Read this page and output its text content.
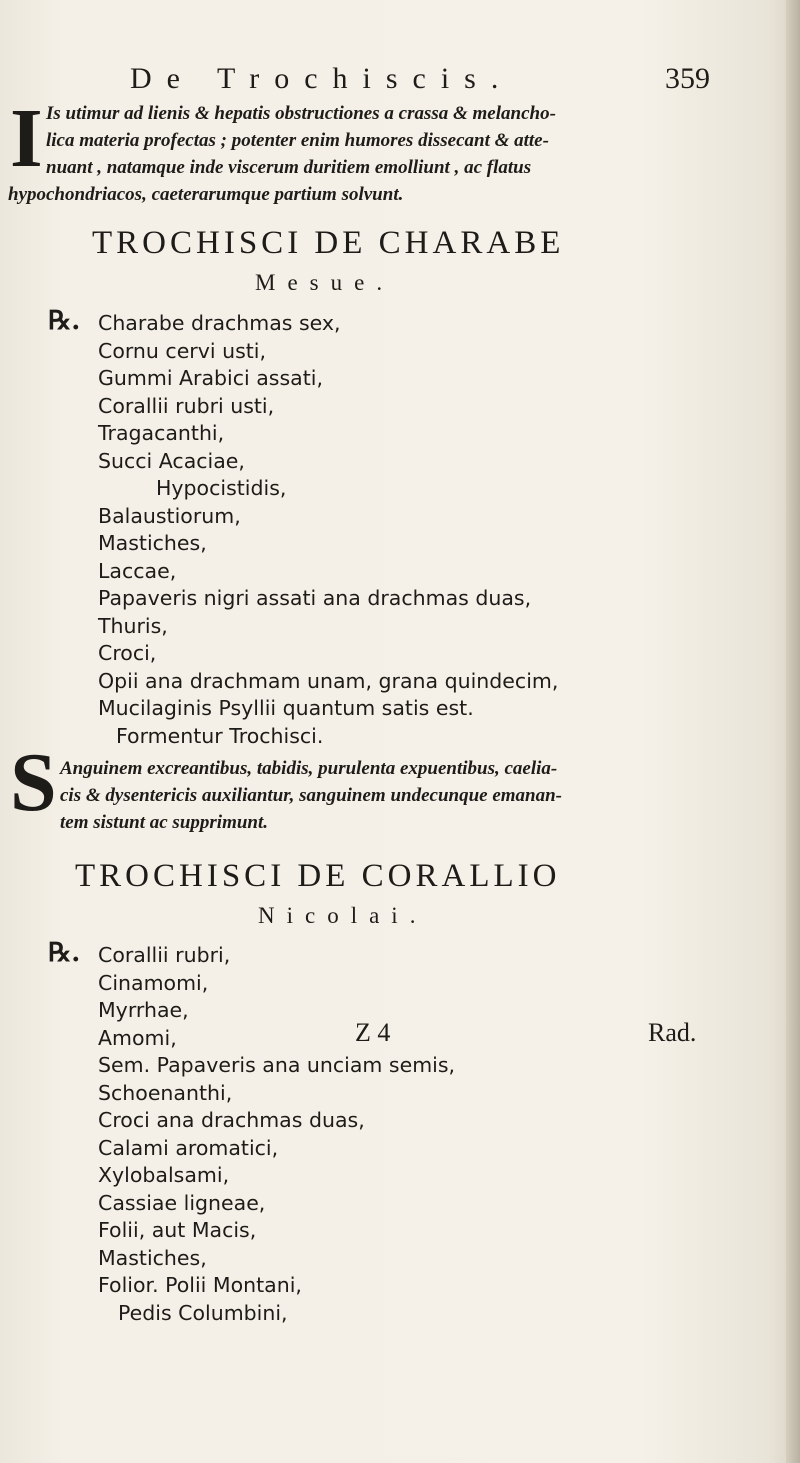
De Trochiscis.	359
I Is utimur ad lienis & hepatis obstructiones a crassa & melancho-
lica materia profectas ; potenter enim humores dissecant & atte-
nuant , natamque inde viscerum duritiem emolliunt , ac flatus
hypochondriacos, caeterarumque partium solvunt.
TROCHISCI DE CHARABE
Mesue.
℞. Charabe drachmas sex,
Cornu cervi usti,
Gummi Arabici assati,
Corallii rubri usti,
Tragacanthi,
Succi Acaciae,
Hypocistidis,
Balaustiorum,
Mastiches,
Laccae,
Papaveris nigri assati ana drachmas duas,
Thuris,
Croci,
Opii ana drachmam unam, grana quindecim,
Mucilaginis Psyllii quantum satis est.
Formentur Trochisci.
S Anguinem excreantibus, tabidis, purulenta expuentibus, caelia-
cis & dysentericis auxiliantur, sanguinem undecunque emanan-
tem sistunt ac supprimunt.
TROCHISCI DE CORALLIO
Nicolai.
℞. Corallii rubri,
Cinamomi,
Myrrhae,
Amomi,
Sem. Papaveris ana unciam semis,
Schoenanthi,
Croci ana drachmas duas,
Calami aromatici,
Xylobalsami,
Cassiae ligneae,
Folii, aut Macis,
Mastiches,
Folior. Polii Montani,
Pedis Columbini,
Z 4	Rad.
